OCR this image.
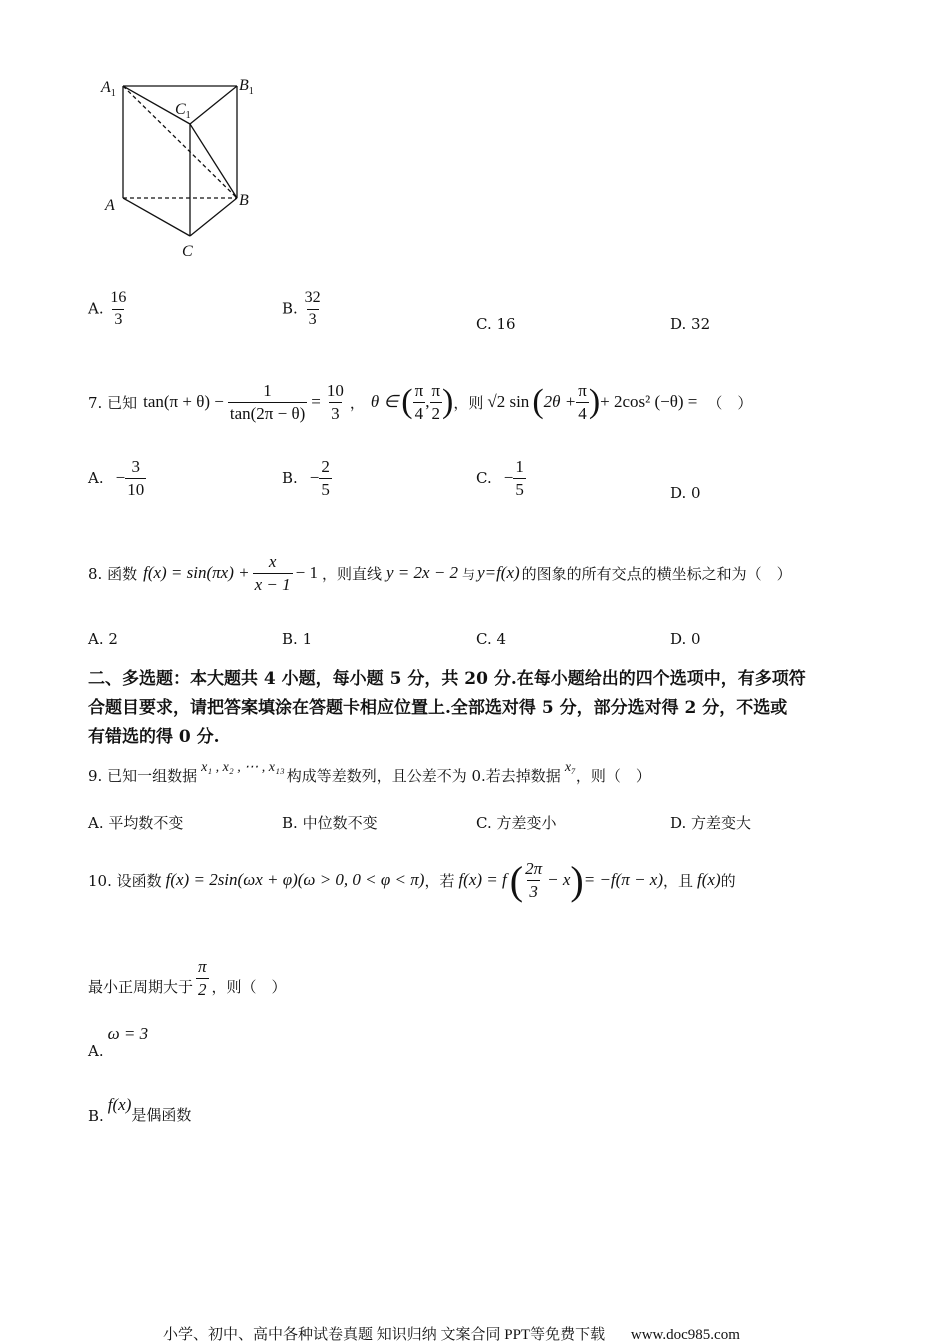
$A_1$	$B_1$
$C_1$
A	B
C
A. $\frac{16}{3}$	B. $\frac{32}{3}$	C. 16	D. 32
7. 已知 $\tan(\pi + \theta) - \frac{1}{\tan(2\pi - \theta)} = \frac{10}{3}$ ， θ ∈ ( $\frac{\pi}{4}$ , $\frac{\pi}{2}$ ) ，则 √2 sin ( $2\theta + \frac{\pi}{4}$ ) + 2cos² (−θ) = （　）
A. − $\frac{3}{10}$	B. − $\frac{2}{5}$	C. − $\frac{1}{5}$	D. 0
8. 函数 $f(x) = \sin(\pi x) + \frac{x}{x - 1} - 1$ ，则直线 y = 2x − 2 与 y=f(x) 的图象的所有交点的横坐标之和为（　）
A. 2	B. 1	C. 4	D. 0
二、多选题：本大题共 4 小题，每小题 5 分，共 20 分.在每小题给出的四个选项中，有多项符
合题目要求，请把答案填涂在答题卡相应位置上.全部选对得 5 分，部分选对得 2 分，不选或
有错选的得 0 分.
9. 已知一组数据 x₁ , x₂ , ⋯ , x₁₃ 构成等差数列，且公差不为 0.若去掉数据 x₇ ，则（　）
A. 平均数不变	B. 中位数不变	C. 方差变小	D. 方差变大
10. 设函数 f(x) = 2sin(ωx + φ)(ω > 0, 0 < φ < π) ，若 f(x) = f ( $\frac{2\pi}{3} - x$ ) = −f(π − x) ，且 f(x) 的
最小正周期大于 $\frac{\pi}{2}$ ，则（　）
A.
ω = 3
B.
f(x)
是偶函数
小学、初中、高中各种试卷真题 知识归纳 文案合同 PPT等免费下载 www.doc985.com
